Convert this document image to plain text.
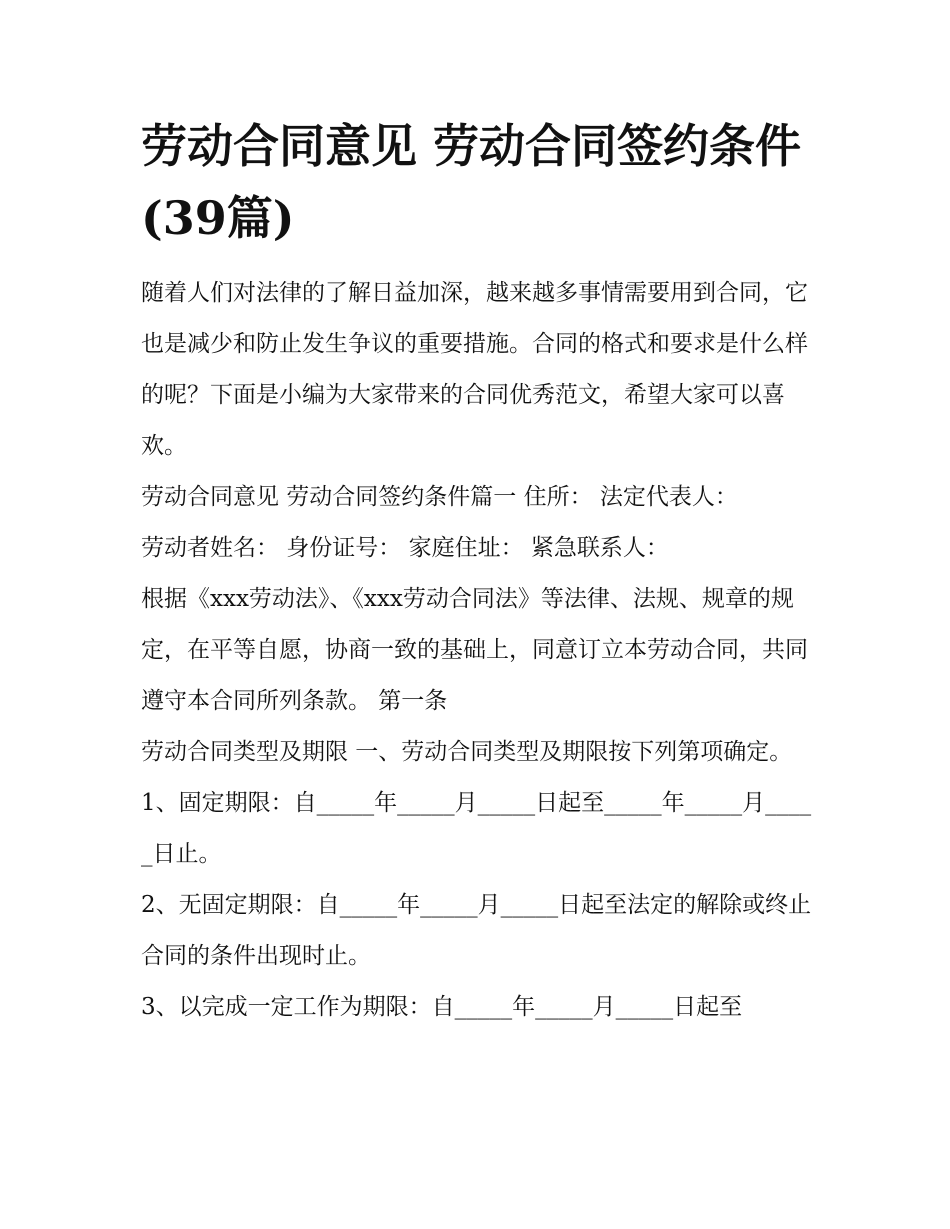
劳动合同意见 劳动合同签约条件(39篇)

随着人们对法律的了解日益加深，越来越多事情需要用到合同，它也是减少和防止发生争议的重要措施。合同的格式和要求是什么样的呢？下面是小编为大家带来的合同优秀范文，希望大家可以喜欢。

劳动合同意见 劳动合同签约条件篇一 住所： 法定代表人：

劳动者姓名： 身份证号： 家庭住址： 紧急联系人：

根据《xxx劳动法》、《xxx劳动合同法》等法律、法规、规章的规定，在平等自愿，协商一致的基础上，同意订立本劳动合同，共同遵守本合同所列条款。 第一条

劳动合同类型及期限 一、劳动合同类型及期限按下列第项确定。

1、固定期限：自_____年_____月_____日起至_____年_____月_____日止。

2、无固定期限：自_____年_____月_____日起至法定的解除或终止合同的条件出现时止。

3、以完成一定工作为期限：自_____年_____月_____日起至
